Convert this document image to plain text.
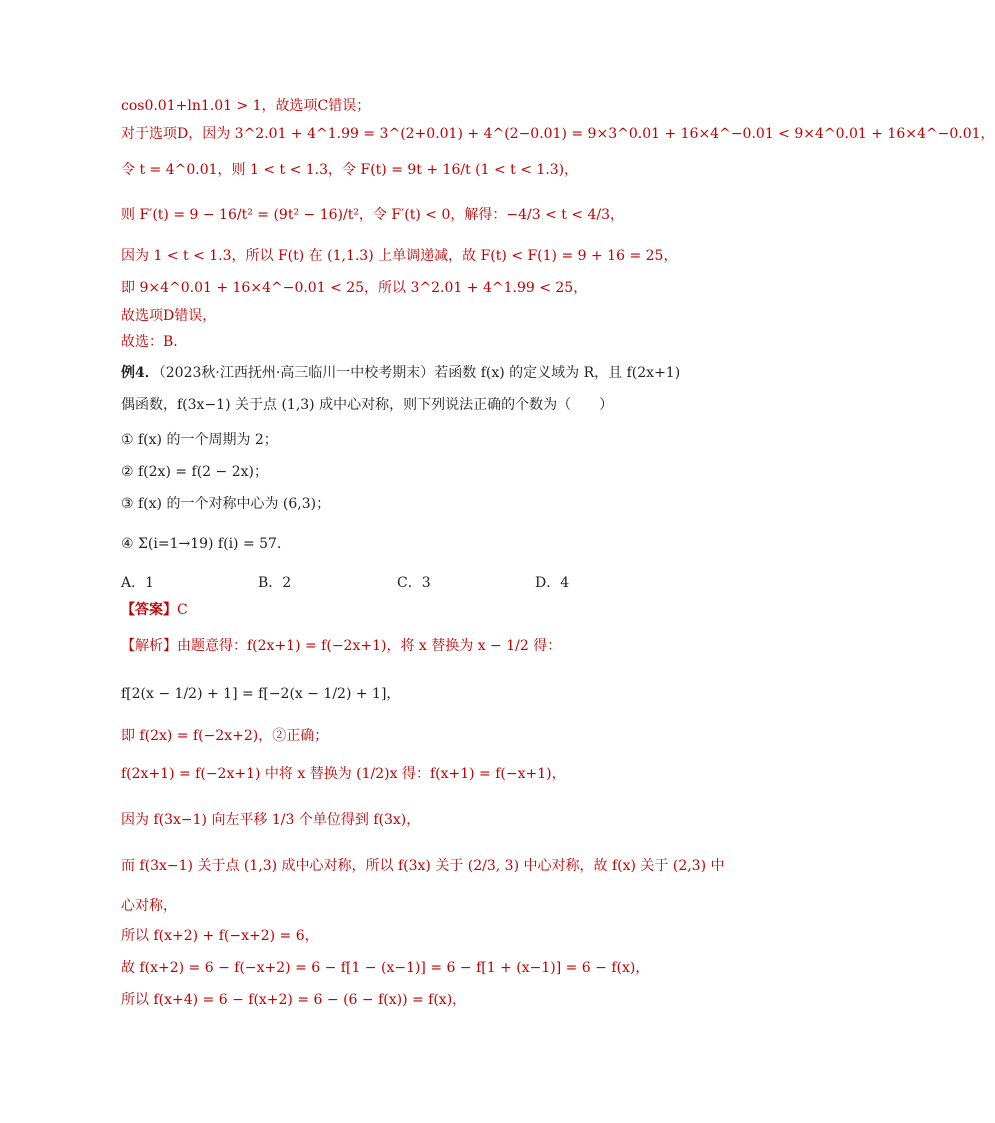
cos0.01+ln1.01 > 1，故选项C错误；
对于选项D，因为 3^2.01 + 4^1.99 = 3^(2+0.01) + 4^(2−0.01) = 9×3^0.01 + 16×4^−0.01 < 9×4^0.01 + 16×4^−0.01，
令 t = 4^0.01，则 1 < t < 1.3，令 F(t) = 9t + 16/t (1 < t < 1.3)，
则 F′(t) = 9 − 16/t² = (9t² − 16)/t²，令 F′(t) < 0，解得：−4/3 < t < 4/3，
因为 1 < t < 1.3，所以 F(t) 在 (1,1.3) 上单调递减，故 F(t) < F(1) = 9 + 16 = 25，
即 9×4^0.01 + 16×4^−0.01 < 25，所以 3^2.01 + 4^1.99 < 25，
故选项D错误，
故选：B．
例4．（2023秋·江西抚州·高三临川一中校考期末）若函数 f(x) 的定义域为 R，且 f(2x+1)
偶函数，f(3x−1) 关于点 (1,3) 成中心对称，则下列说法正确的个数为（　　）
① f(x) 的一个周期为 2；
② f(2x) = f(2 − 2x)；
③ f(x) 的一个对称中心为 (6,3)；
④ Σ(i=1→19) f(i) = 57．
A．1	B．2	C．3	D．4
【答案】C
【解析】由题意得：f(2x+1) = f(−2x+1)，将 x 替换为 x − 1/2 得：
f[2(x − 1/2) + 1] = f[−2(x − 1/2) + 1]，
即 f(2x) = f(−2x+2)，②正确；
f(2x+1) = f(−2x+1) 中将 x 替换为 (1/2)x 得：f(x+1) = f(−x+1)，
因为 f(3x−1) 向左平移 1/3 个单位得到 f(3x)，
而 f(3x−1) 关于点 (1,3) 成中心对称，所以 f(3x) 关于 (2/3, 3) 中心对称，故 f(x) 关于 (2,3) 中
心对称，
所以 f(x+2) + f(−x+2) = 6，
故 f(x+2) = 6 − f(−x+2) = 6 − f[1 − (x−1)] = 6 − f[1 + (x−1)] = 6 − f(x)，
所以 f(x+4) = 6 − f(x+2) = 6 − (6 − f(x)) = f(x)，
